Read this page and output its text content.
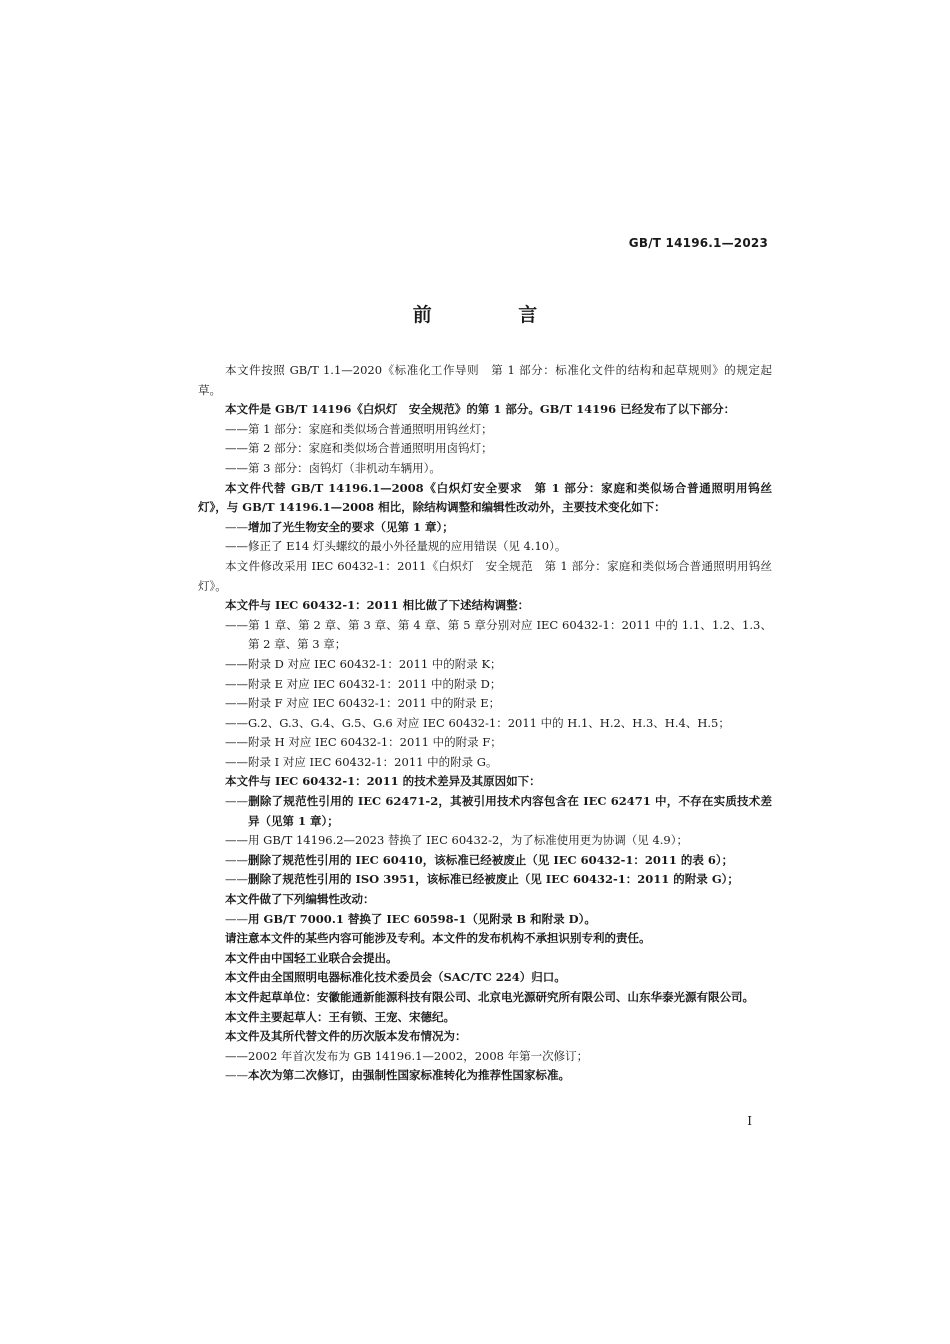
GB/T 14196.1—2023
前 言

本文件按照 GB/T 1.1—2020《标准化工作导则　第 1 部分：标准化文件的结构和起草规则》的规定起草。

本文件是 GB/T 14196《白炽灯　安全规范》的第 1 部分。GB/T 14196 已经发布了以下部分：

——第 1 部分：家庭和类似场合普通照明用钨丝灯；

——第 2 部分：家庭和类似场合普通照明用卤钨灯；

——第 3 部分：卤钨灯（非机动车辆用）。

本文件代替 GB/T 14196.1—2008《白炽灯安全要求　第 1 部分：家庭和类似场合普通照明用钨丝灯》，与 GB/T 14196.1—2008 相比，除结构调整和编辑性改动外，主要技术变化如下：

——增加了光生物安全的要求（见第 1 章）；

——修正了 E14 灯头螺纹的最小外径量规的应用错误（见 4.10）。

本文件修改采用 IEC 60432-1：2011《白炽灯　安全规范　第 1 部分：家庭和类似场合普通照明用钨丝灯》。

本文件与 IEC 60432-1：2011 相比做了下述结构调整：

——第 1 章、第 2 章、第 3 章、第 4 章、第 5 章分别对应 IEC 60432-1：2011 中的 1.1、1.2、1.3、第 2 章、第 3 章；

——附录 D 对应 IEC 60432-1：2011 中的附录 K；

——附录 E 对应 IEC 60432-1：2011 中的附录 D；

——附录 F 对应 IEC 60432-1：2011 中的附录 E；

——G.2、G.3、G.4、G.5、G.6 对应 IEC 60432-1：2011 中的 H.1、H.2、H.3、H.4、H.5；

——附录 H 对应 IEC 60432-1：2011 中的附录 F；

——附录 I 对应 IEC 60432-1：2011 中的附录 G。

本文件与 IEC 60432-1：2011 的技术差异及其原因如下：

——删除了规范性引用的 IEC 62471-2，其被引用技术内容包含在 IEC 62471 中，不存在实质技术差异（见第 1 章）；

——用 GB/T 14196.2—2023 替换了 IEC 60432-2，为了标准使用更为协调（见 4.9）；

——删除了规范性引用的 IEC 60410，该标准已经被废止（见 IEC 60432-1：2011 的表 6）；

——删除了规范性引用的 ISO 3951，该标准已经被废止（见 IEC 60432-1：2011 的附录 G）；

本文件做了下列编辑性改动：

——用 GB/T 7000.1 替换了 IEC 60598-1（见附录 B 和附录 D）。

请注意本文件的某些内容可能涉及专利。本文件的发布机构不承担识别专利的责任。

本文件由中国轻工业联合会提出。

本文件由全国照明电器标准化技术委员会（SAC/TC 224）归口。

本文件起草单位：安徽能通新能源科技有限公司、北京电光源研究所有限公司、山东华泰光源有限公司。

本文件主要起草人：王有锁、王宠、宋德纪。

本文件及其所代替文件的历次版本发布情况为：

——2002 年首次发布为 GB 14196.1—2002，2008 年第一次修订；

——本次为第二次修订，由强制性国家标准转化为推荐性国家标准。

I
